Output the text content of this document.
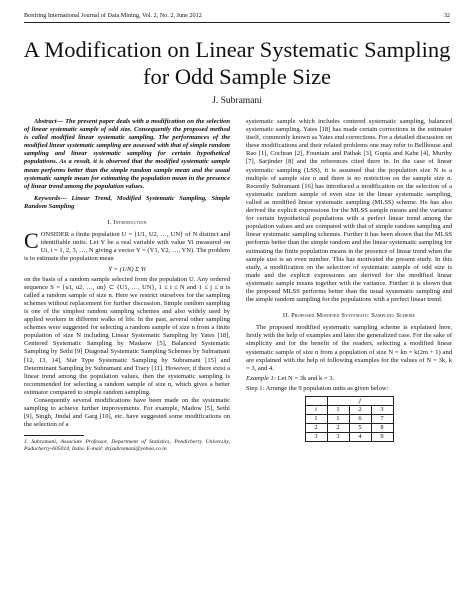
Bonfring International Journal of Data Mining, Vol. 2, No. 2, June 2012	32
A Modification on Linear Systematic Sampling for Odd Sample Size
J. Subramani

Abstract--- The present paper deals with a modification on the selection of linear systematic sample of odd size. Consequently the proposed method is called modified linear systematic sampling. The performances of the modified linear systematic sampling are assessed with that of simple random sampling and linear systematic sampling for certain hypothetical populations. As a result, it is observed that the modified systematic sample mean performs better than the simple random sample mean and the usual systematic sample mean for estimating the population mean in the presence of linear trend among the population values.

Keywords--- Linear Trend, Modified Systematic Sampling, Simple Random Sampling

I. Introduction

C ONSIDER a finite population U = {U1, U2, …, UN} of N distinct and identifiable units. Let Y be a real variable with value Yi measured on Ui, i = 1, 2, 3, …, N giving a vector Y = (Y1, Y2, …, YN). The problem is to estimate the population mean

Ȳ = (1/N) Σ Yi

on the basis of a random sample selected from the population U. Any ordered sequence S = {u1, u2, …, un} ⊂ {U1, …, UN}, 1 ≤ i ≤ N and 1 ≤ j ≤ n is called a random sample of size n. Here we restrict ourselves for the sampling schemes without replacement for further discussion. Simple random sampling is one of the simplest random sampling schemes and also widely used by applied workers in different walks of life. In the past, several other sampling schemes were suggested for selecting a random sample of size n from a finite population of size N including Linear Systematic Sampling by Yates [18], Centered Systematic Sampling by Madaow [5], Balanced Systematic Sampling by Sethi [9] Diagonal Systematic Sampling Schemes by Subramani [12, 13, 14], Star Type Systematic Sampling by Subramani [15] and Determinant Sampling by Subramani and Tracy [11]. However, if there exist a linear trend among the population values, then the systematic sampling is recommended for selecting a random sample of size n, which gives a better estimator compared to simple random sampling.

Consequently several modifications have been made on the systematic sampling to achieve further improvements. For example, Madow [5], Sethi [9], Singh, Jindal and Garg [10], etc. have suggested some modifications on the selection of a

J. Subramani, Associate Professor, Department of Statistics, Pondicherry University, Puducherry-605014, India. E-mail: drjsubramani@yahoo.co.in

systematic sample which includes centered systematic sampling, balanced systematic sampling. Yates [18] has made certain corrections in the estimator itself, commonly known as Yates end corrections. For a detailed discussion on these modifications and their related problems one may refer to Bellhouse and Rao [1], Cochran [2], Fountain and Pathak [3], Gupta and Kabe [4], Murthy [7], Sarjinder [8] and the references cited there in. In the case of linear systematic sampling (LSS), it is assumed that the population size N is a multiple of sample size n and there is no restriction on the sample size n. Recently Subramani [16] has introduced a modification on the selection of a systematic random sample of even size in the linear systematic sampling, called as modified linear systematic sampling (MLSS) scheme. He has also derived the explicit expressions for the MLSS sample means and the variance for certain hypothetical populations with a perfect linear trend among the population values and are compared with that of simple random sampling and linear systematic sampling schemes. Further it has been shown that the MLSS performs better than the simple random and the linear systematic sampling for estimating the finite population means in the presence of linear trend when the sample size is an even number. This has motivated the present study. In this study, a modification on the selection of systematic sample of odd size is made and the explicit expressions are derived for the modified linear systematic sample means together with the variance. Further it is shown that the proposed MLSS performs better than the usual systematic sampling and the simple random sampling for the populations with a perfect linear trend.

II. Proposed Modified Systematic Sampling Scheme

The proposed modified systematic sampling scheme is explained here, firstly with the help of examples and later the generalized case. For the sake of simplicity and for the benefit of the readers, selecting a modified linear systematic sample of size n from a population of size N = kn = k(2m + 1) and are explained with the help of following examples for the values of N = 3k, k = 3, and 4.

Example 1: Let N = 3k and k = 3.

Step 1: Arrange the 9 population units as given below:

	j		
i	1	2	3
1	1	6	7
2	2	5	8
3	3	4	9
